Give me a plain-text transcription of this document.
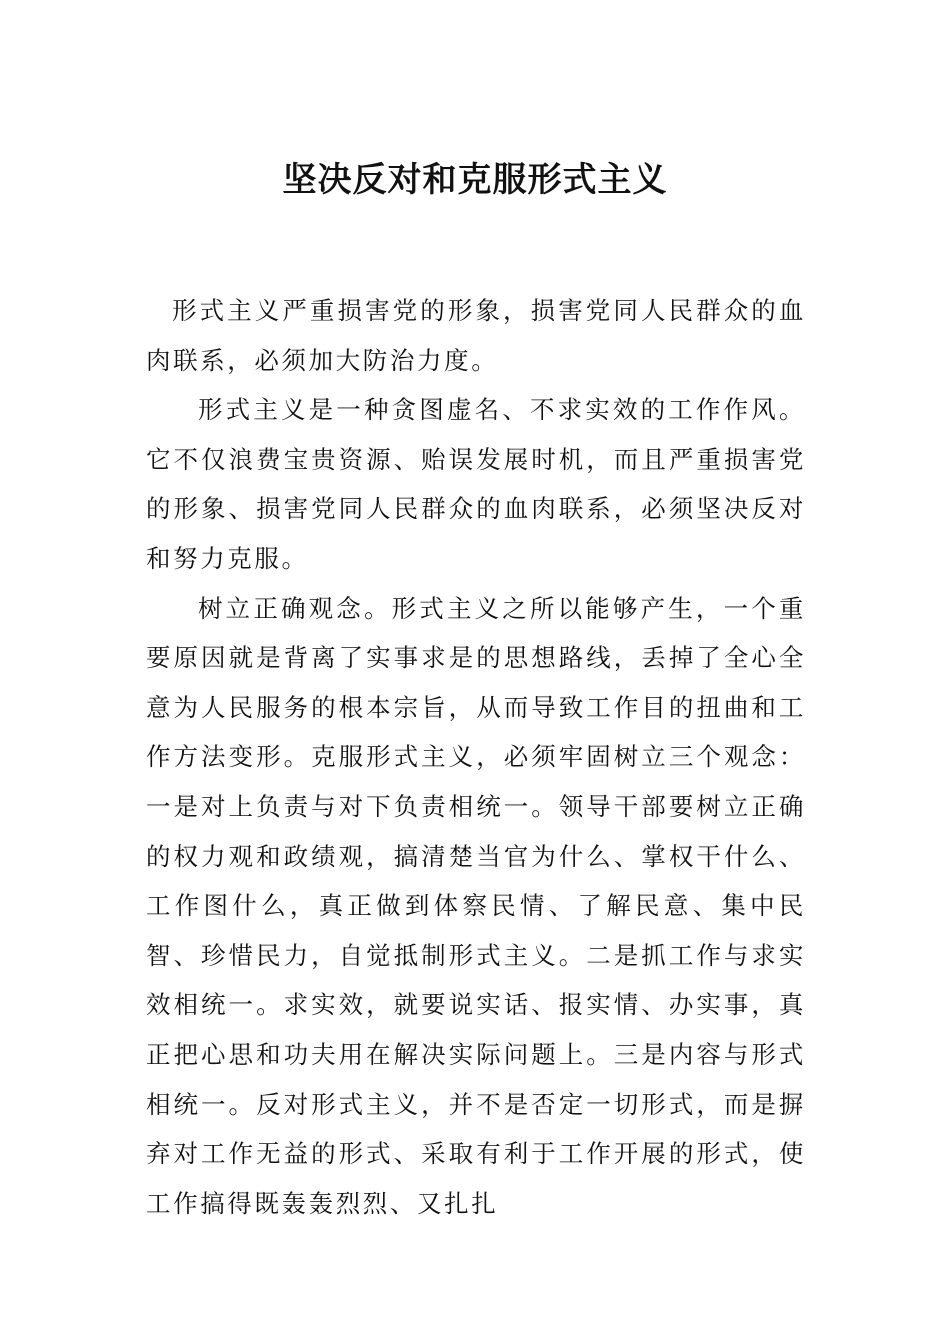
坚决反对和克服形式主义

形式主义严重损害党的形象，损害党同人民群众的血肉联系，必须加大防治力度。

形式主义是一种贪图虚名、不求实效的工作作风。它不仅浪费宝贵资源、贻误发展时机，而且严重损害党的形象、损害党同人民群众的血肉联系，必须坚决反对和努力克服。

树立正确观念。形式主义之所以能够产生，一个重要原因就是背离了实事求是的思想路线，丢掉了全心全意为人民服务的根本宗旨，从而导致工作目的扭曲和工作方法变形。克服形式主义，必须牢固树立三个观念：一是对上负责与对下负责相统一。领导干部要树立正确的权力观和政绩观，搞清楚当官为什么、掌权干什么、工作图什么，真正做到体察民情、了解民意、集中民智、珍惜民力，自觉抵制形式主义。二是抓工作与求实效相统一。求实效，就要说实话、报实情、办实事，真正把心思和功夫用在解决实际问题上。三是内容与形式相统一。反对形式主义，并不是否定一切形式，而是摒弃对工作无益的形式、采取有利于工作开展的形式，使工作搞得既轰轰烈烈、又扎扎
